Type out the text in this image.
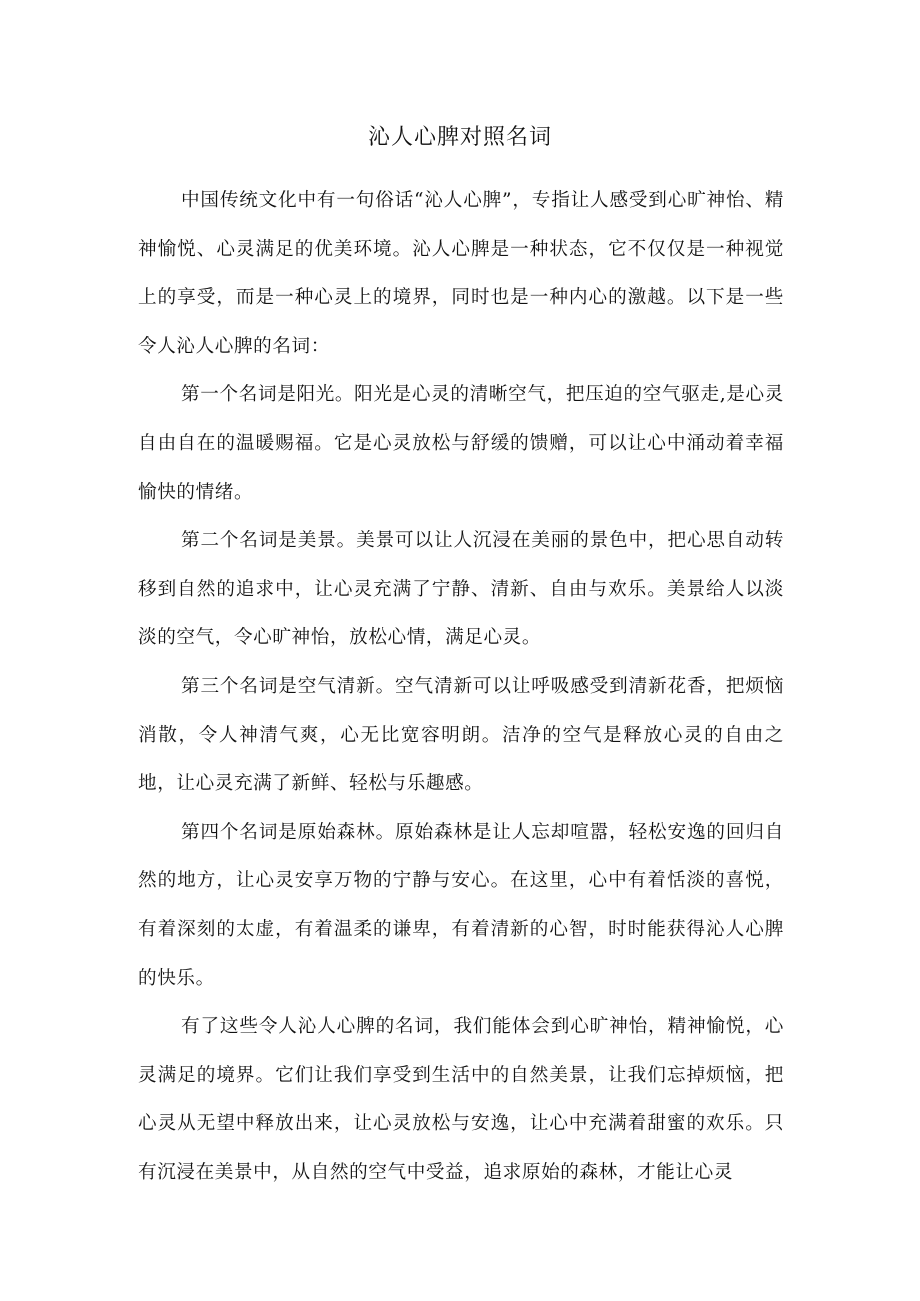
沁人心脾对照名词

中国传统文化中有一句俗话“沁人心脾”，专指让人感受到心旷神怡、精神愉悦、心灵满足的优美环境。沁人心脾是一种状态，它不仅仅是一种视觉上的享受，而是一种心灵上的境界，同时也是一种内心的激越。以下是一些令人沁人心脾的名词：

第一个名词是阳光。阳光是心灵的清晰空气，把压迫的空气驱走,是心灵自由自在的温暖赐福。它是心灵放松与舒缓的馈赠，可以让心中涌动着幸福愉快的情绪。

第二个名词是美景。美景可以让人沉浸在美丽的景色中，把心思自动转移到自然的追求中，让心灵充满了宁静、清新、自由与欢乐。美景给人以淡淡的空气，令心旷神怡，放松心情，满足心灵。

第三个名词是空气清新。空气清新可以让呼吸感受到清新花香，把烦恼消散，令人神清气爽，心无比宽容明朗。洁净的空气是释放心灵的自由之地，让心灵充满了新鲜、轻松与乐趣感。

第四个名词是原始森林。原始森林是让人忘却喧嚣，轻松安逸的回归自然的地方，让心灵安享万物的宁静与安心。在这里，心中有着恬淡的喜悦，有着深刻的太虚，有着温柔的谦卑，有着清新的心智，时时能获得沁人心脾的快乐。

有了这些令人沁人心脾的名词，我们能体会到心旷神怡，精神愉悦，心灵满足的境界。它们让我们享受到生活中的自然美景，让我们忘掉烦恼，把心灵从无望中释放出来，让心灵放松与安逸，让心中充满着甜蜜的欢乐。只有沉浸在美景中，从自然的空气中受益，追求原始的森林，才能让心灵
